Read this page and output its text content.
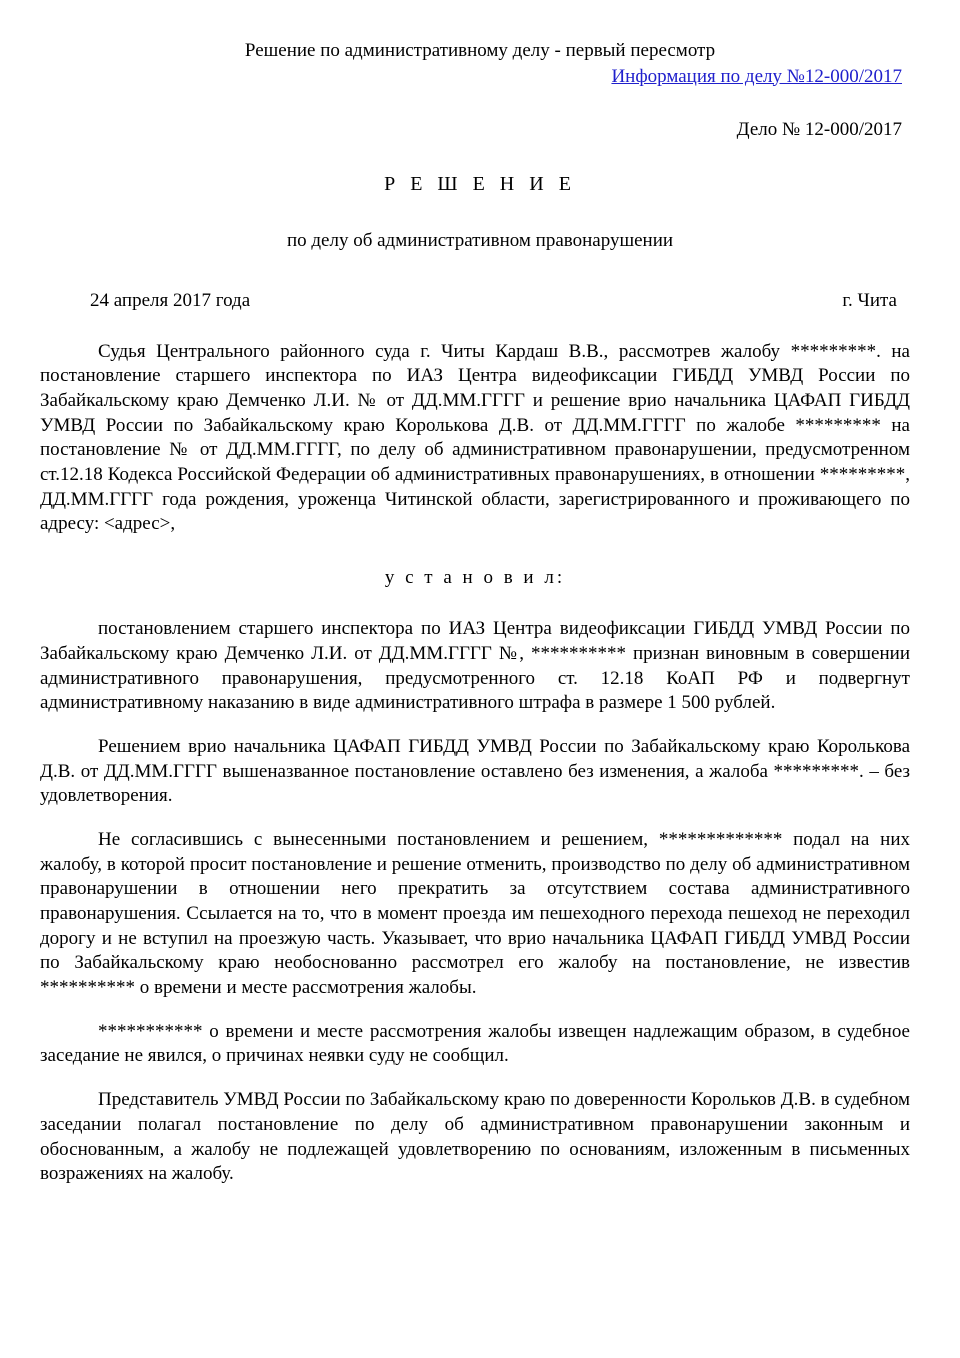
Решение по административному делу - первый пересмотр
Информация по делу №12-000/2017
Дело № 12-000/2017
Р Е Ш Е Н И Е
по делу об административном правонарушении
24 апреля 2017 года	г. Чита

Судья Центрального районного суда г. Читы Кардаш В.В., рассмотрев жалобу *********. на постановление старшего инспектора по ИАЗ Центра видеофиксации ГИБДД УМВД России по Забайкальскому краю Демченко Л.И. № от ДД.ММ.ГГГГ и решение врио начальника ЦАФАП ГИБДД УМВД России по Забайкальскому краю Королькова Д.В. от ДД.ММ.ГГГГ по жалобе ********* на постановление № от ДД.ММ.ГГГГ, по делу об административном правонарушении, предусмотренном ст.12.18 Кодекса Российской Федерации об административных правонарушениях, в отношении *********, ДД.ММ.ГГГГ года рождения, уроженца Читинской области, зарегистрированного и проживающего по адресу: <адрес>,

у с т а н о в и л:

постановлением старшего инспектора по ИАЗ Центра видеофиксации ГИБДД УМВД России по Забайкальскому краю Демченко Л.И. от ДД.ММ.ГГГГ №, ********** признан виновным в совершении административного правонарушения, предусмотренного ст. 12.18 КоАП РФ и подвергнут административному наказанию в виде административного штрафа в размере 1 500 рублей.

Решением врио начальника ЦАФАП ГИБДД УМВД России по Забайкальскому краю Королькова Д.В. от ДД.ММ.ГГГГ вышеназванное постановление оставлено без изменения, а жалоба *********. – без удовлетворения.

Не согласившись с вынесенными постановлением и решением, ************* подал на них жалобу, в которой просит постановление и решение отменить, производство по делу об административном правонарушении в отношении него прекратить за отсутствием состава административного правонарушения. Ссылается на то, что в момент проезда им пешеходного перехода пешеход не переходил дорогу и не вступил на проезжую часть. Указывает, что врио начальника ЦАФАП ГИБДД УМВД России по Забайкальскому краю необоснованно рассмотрел его жалобу на постановление, не известив ********** о времени и месте рассмотрения жалобы.

*********** о времени и месте рассмотрения жалобы извещен надлежащим образом, в судебное заседание не явился, о причинах неявки суду не сообщил.

Представитель УМВД России по Забайкальскому краю по доверенности Корольков Д.В. в судебном заседании полагал постановление по делу об административном правонарушении законным и обоснованным, а жалобу не подлежащей удовлетворению по основаниям, изложенным в письменных возражениях на жалобу.
